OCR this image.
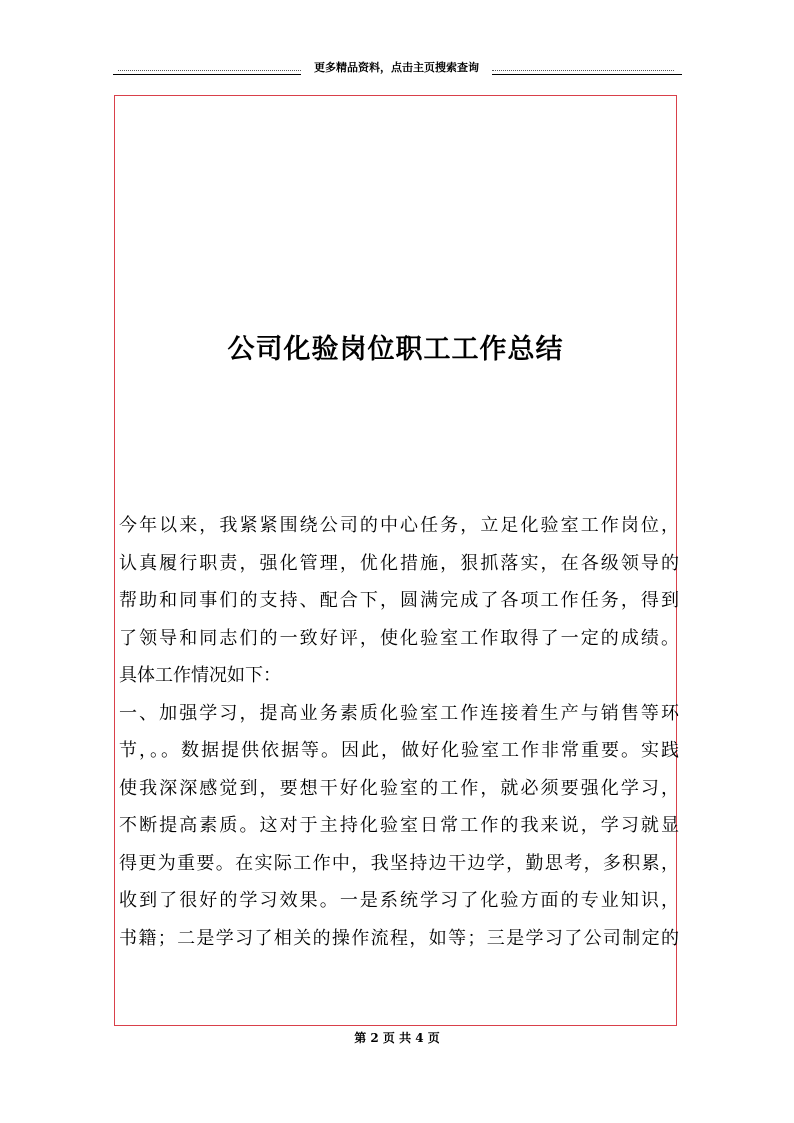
更多精品资料，点击主页搜索查询
公司化验岗位职工工作总结
今年以来，我紧紧围绕公司的中心任务，立足化验室工作岗位，
认真履行职责，强化管理，优化措施，狠抓落实，在各级领导的
帮助和同事们的支持、配合下，圆满完成了各项工作任务，得到
了领导和同志们的一致好评，使化验室工作取得了一定的成绩。
具体工作情况如下：
一、加强学习，提高业务素质化验室工作连接着生产与销售等环
节，。。数据提供依据等。因此，做好化验室工作非常重要。实践
使我深深感觉到，要想干好化验室的工作，就必须要强化学习，
不断提高素质。这对于主持化验室日常工作的我来说，学习就显
得更为重要。在实际工作中，我坚持边干边学，勤思考，多积累，
收到了很好的学习效果。一是系统学习了化验方面的专业知识，
书籍；二是学习了相关的操作流程，如等；三是学习了公司制定的
第 2 页 共 4 页
